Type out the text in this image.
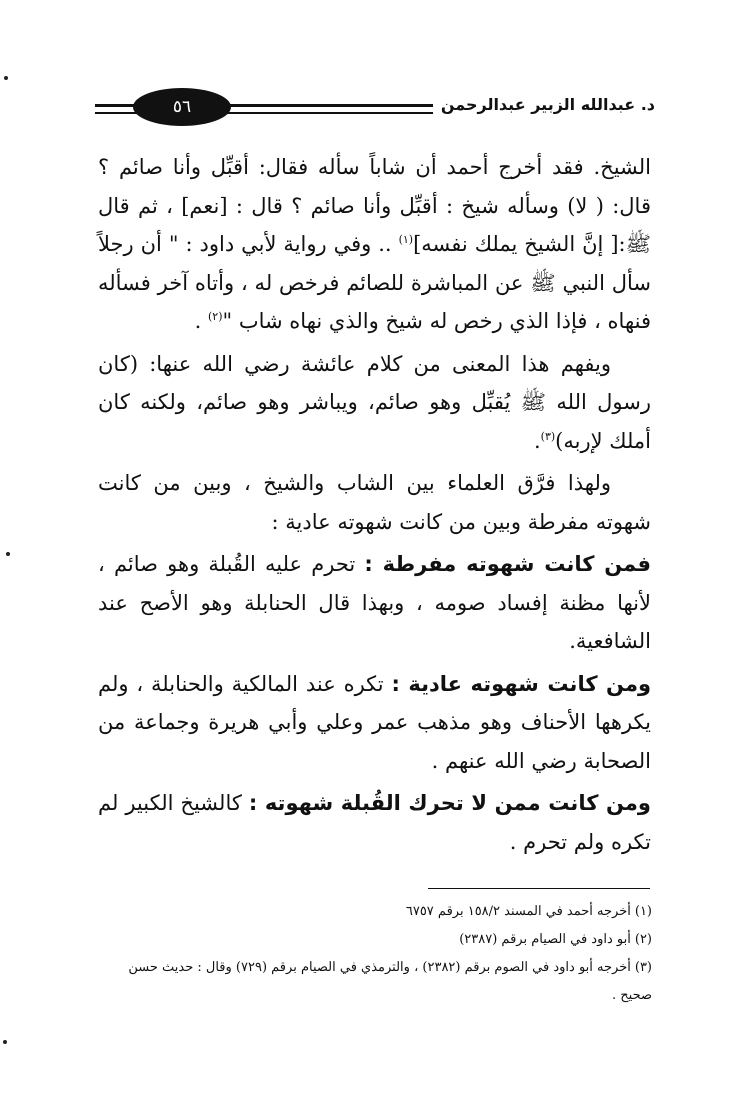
٥٦	د. عبدالله الزبير عبدالرحمن

الشيخ. فقد أخرج أحمد أن شاباً سأله فقال: أقبِّل وأنا صائم ؟ قال: ( لا) وسأله شيخ : أقبِّل وأنا صائم ؟ قال : [نعم] ، ثم قال ﷺ:[ إنَّ الشيخ يملك نفسه]$^{(١)}$ .. وفي رواية لأبي داود : " أن رجلاً سأل النبي ﷺ عن المباشرة للصائم فرخص له ، وأتاه آخر فسأله فنهاه ، فإذا الذي رخص له شيخ والذي نهاه شاب "$^{(٢)}$ .

ويفهم هذا المعنى من كلام عائشة رضي الله عنها: (كان رسول الله ﷺ يُقبِّل وهو صائم، ويباشر وهو صائم، ولكنه كان أملك لإربه)$^{(٣)}$.

ولهذا فرَّق العلماء بين الشاب والشيخ ، وبين من كانت شهوته مفرطة وبين من كانت شهوته عادية :

فمن كانت شهوته مفرطة : تحرم عليه القُبلة وهو صائم ، لأنها مظنة إفساد صومه ، وبهذا قال الحنابلة وهو الأصح عند الشافعية.

ومن كانت شهوته عادية : تكره عند المالكية والحنابلة ، ولم يكرهها الأحناف وهو مذهب عمر وعلي وأبي هريرة وجماعة من الصحابة رضي الله عنهم .

ومن كانت ممن لا تحرك القُبلة شهوته : كالشيخ الكبير لم تكره ولم تحرم .

(١)أخرجه أحمد في المسند ١٥٨/٢ برقم ٦٧٥٧

(٢)أبو داود في الصيام برقم (٢٣٨٧)

(٣)أخرجه أبو داود في الصوم برقم (٢٣٨٢) ، والترمذي في الصيام برقم (٧٢٩) وقال : حديث حسن صحيح .
